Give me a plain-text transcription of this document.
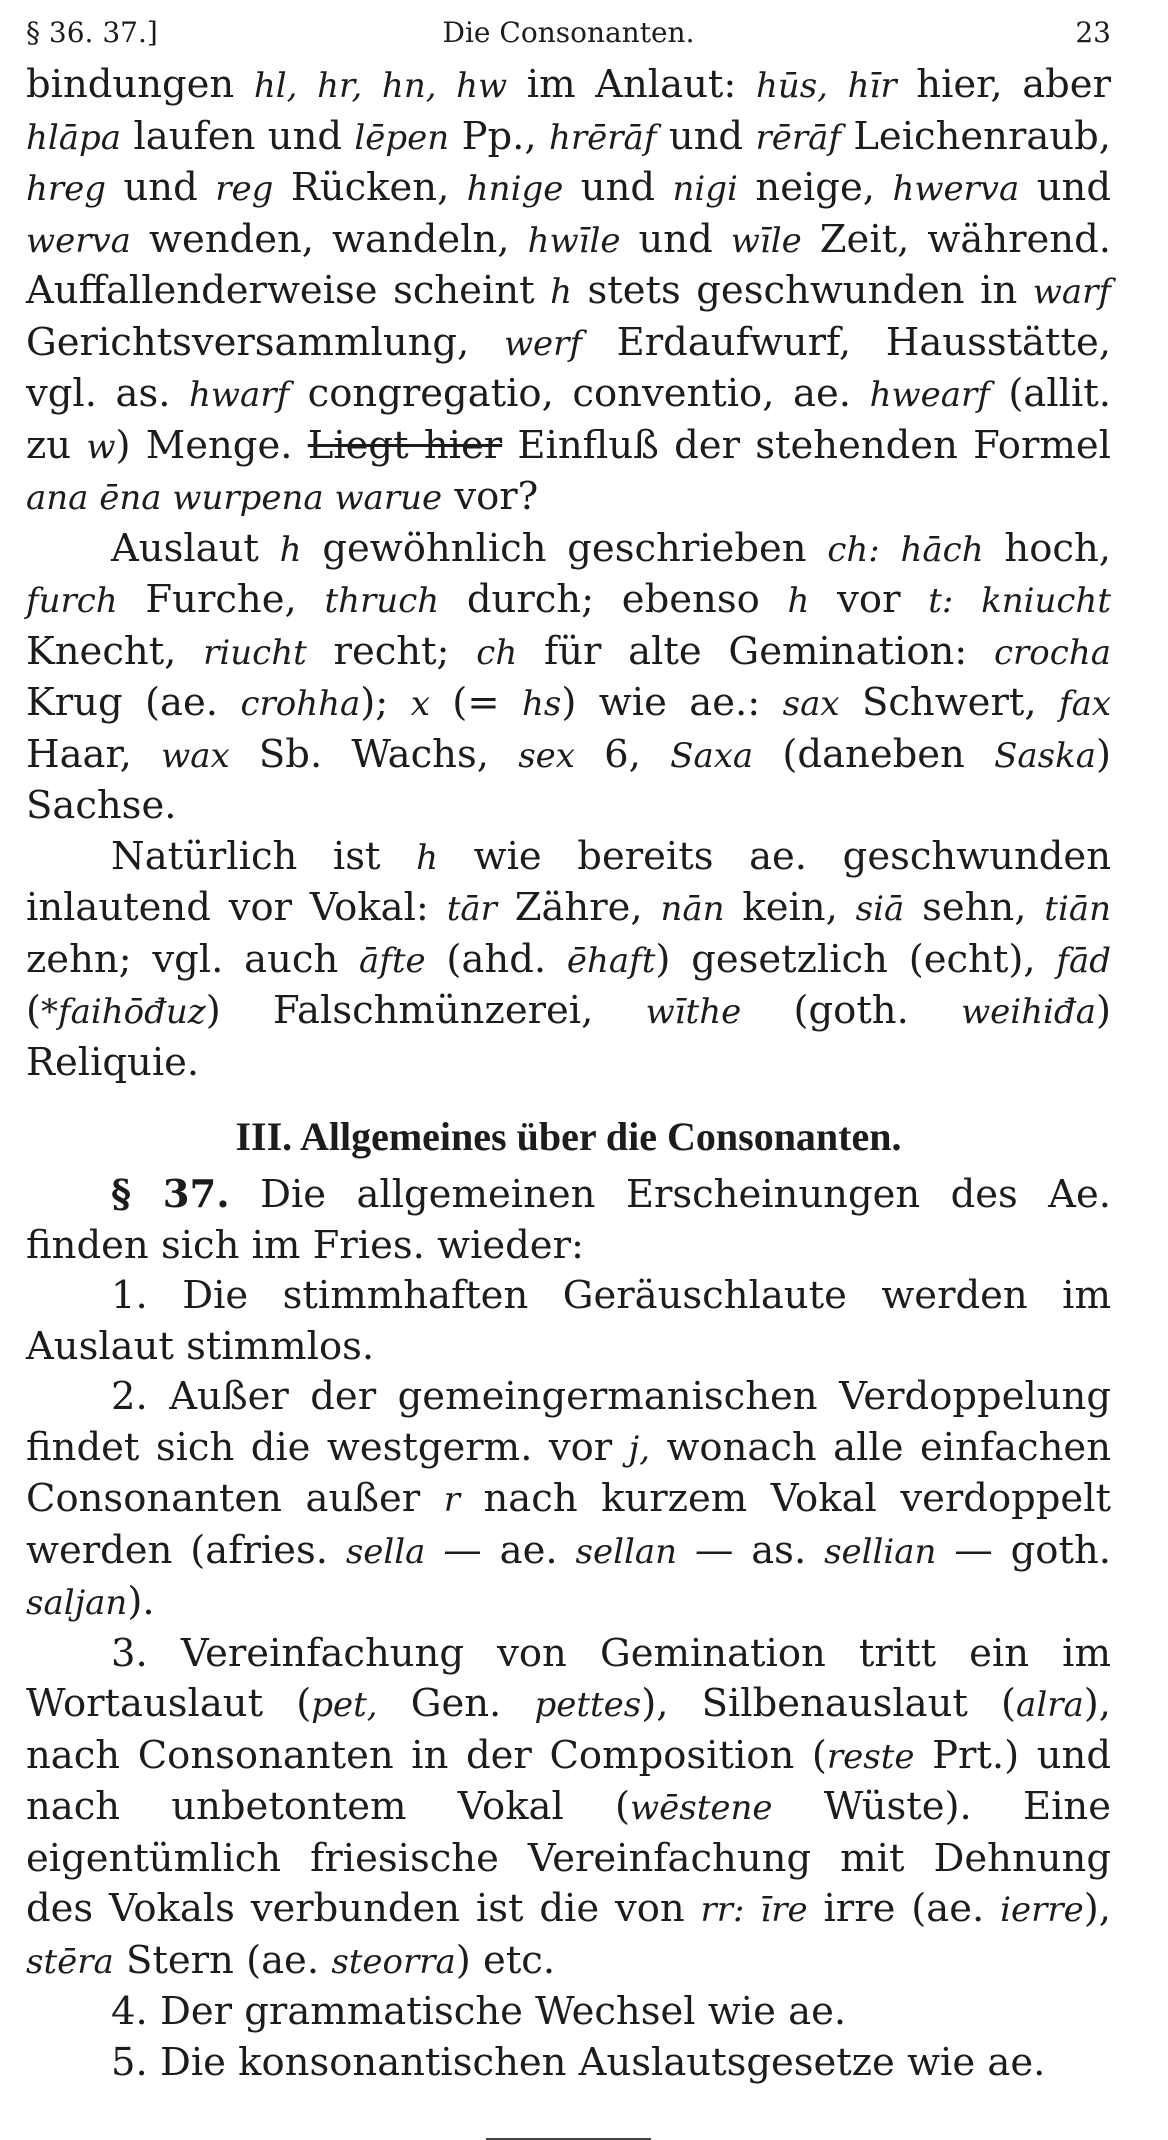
§ 36. 37.]	Die Consonanten.	23

bindungen hl, hr, hn, hw im Anlaut: hūs, hīr hier, aber hlāpa laufen und lēpen Pp., hrērāf und rērāf Leichenraub, hreg und reg Rücken, hnige und nigi neige, hwerva und werva wenden, wandeln, hwīle und wīle Zeit, während. Auffallenderweise scheint h stets geschwunden in warf Gerichtsversammlung, werf Erdaufwurf, Hausstätte, vgl. as. hwarf congregatio, conventio, ae. hwearf (allit. zu w) Menge. Liegt hier Einfluß der stehenden Formel ana ēna wurpena warue vor?

Auslaut h gewöhnlich geschrieben ch: hāch hoch, furch Furche, thruch durch; ebenso h vor t: kniucht Knecht, riucht recht; ch für alte Gemination: crocha Krug (ae. crohha); x (= hs) wie ae.: sax Schwert, fax Haar, wax Sb. Wachs, sex 6, Saxa (daneben Saska) Sachse.

Natürlich ist h wie bereits ae. geschwunden inlautend vor Vokal: tār Zähre, nān kein, siā sehn, tiān zehn; vgl. auch āfte (ahd. ēhaft) gesetzlich (echt), fād (*faihōđuz) Falschmünzerei, wīthe (goth. weihiđa) Reliquie.

III. Allgemeines über die Consonanten.

§ 37. Die allgemeinen Erscheinungen des Ae. finden sich im Fries. wieder:

1. Die stimmhaften Geräuschlaute werden im Auslaut stimmlos.

2. Außer der gemeingermanischen Verdoppelung findet sich die westgerm. vor j, wonach alle einfachen Consonanten außer r nach kurzem Vokal verdoppelt werden (afries. sella — ae. sellan — as. sellian — goth. saljan).

3. Vereinfachung von Gemination tritt ein im Wortauslaut (pet, Gen. pettes), Silbenauslaut (alra), nach Consonanten in der Composition (reste Prt.) und nach unbetontem Vokal (wēstene Wüste). Eine eigentümlich friesische Vereinfachung mit Dehnung des Vokals verbunden ist die von rr: īre irre (ae. ierre), stēra Stern (ae. steorra) etc.

4. Der grammatische Wechsel wie ae.

5. Die konsonantischen Auslautsgesetze wie ae.
